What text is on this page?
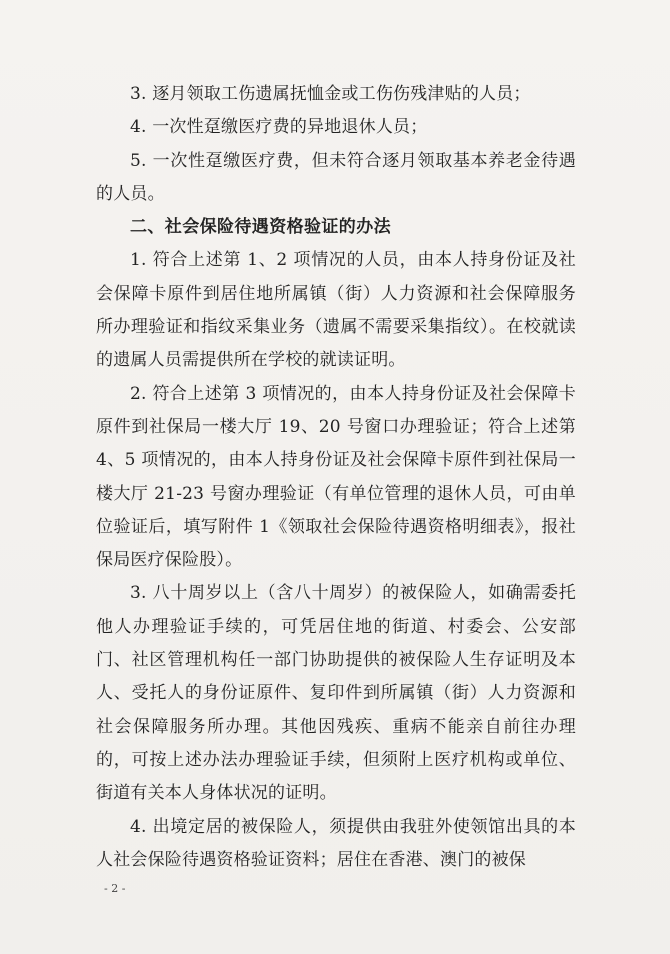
3. 逐月领取工伤遗属抚恤金或工伤伤残津贴的人员；

4. 一次性趸缴医疗费的异地退休人员；

5. 一次性趸缴医疗费，但未符合逐月领取基本养老金待遇的人员。

二、社会保险待遇资格验证的办法

1. 符合上述第 1、2 项情况的人员，由本人持身份证及社会保障卡原件到居住地所属镇（街）人力资源和社会保障服务所办理验证和指纹采集业务（遗属不需要采集指纹）。在校就读的遗属人员需提供所在学校的就读证明。

2. 符合上述第 3 项情况的，由本人持身份证及社会保障卡原件到社保局一楼大厅 19、20 号窗口办理验证；符合上述第 4、5 项情况的，由本人持身份证及社会保障卡原件到社保局一楼大厅 21-23 号窗办理验证（有单位管理的退休人员，可由单位验证后，填写附件 1《领取社会保险待遇资格明细表》，报社保局医疗保险股）。

3. 八十周岁以上（含八十周岁）的被保险人，如确需委托他人办理验证手续的，可凭居住地的街道、村委会、公安部门、社区管理机构任一部门协助提供的被保险人生存证明及本人、受托人的身份证原件、复印件到所属镇（街）人力资源和社会保障服务所办理。其他因残疾、重病不能亲自前往办理的，可按上述办法办理验证手续，但须附上医疗机构或单位、街道有关本人身体状况的证明。

4. 出境定居的被保险人，须提供由我驻外使领馆出具的本人社会保险待遇资格验证资料；居住在香港、澳门的被保

- 2 -
